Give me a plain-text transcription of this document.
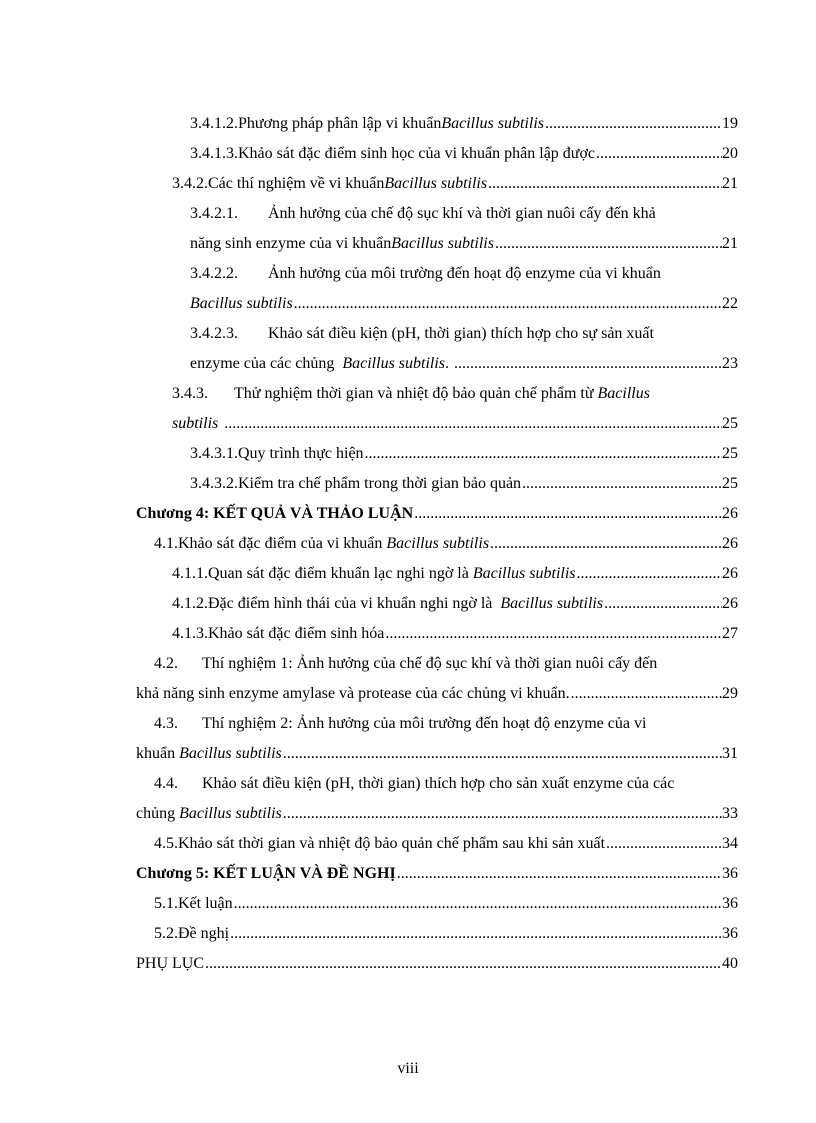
3.4.1.2. Phương pháp phân lập vi khuẩn Bacillus subtilis .....	19
3.4.1.3. Khảo sát đặc điểm sinh học của vi khuẩn phân lập được .....	20
3.4.2. Các thí nghiệm về vi khuẩn Bacillus subtilis .....	21
3.4.2.1.	Ảnh hưởng của chế độ sục khí và thời gian nuôi cấy đến khả
năng sinh enzyme của vi khuẩn Bacillus subtilis .....	21
3.4.2.2.	Ảnh hưởng của môi trường đến hoạt độ enzyme của vi khuẩn
Bacillus subtilis .....	22
3.4.2.3.	Khảo sát điều kiện (pH, thời gian) thích hợp cho sự sản xuất
enzyme của các chủng Bacillus subtilis . .....	23
3.4.3.	Thử nghiệm thời gian và nhiệt độ bảo quản chế phẩm từ Bacillus
subtilis .....	25
3.4.3.1. Quy trình thực hiện .....	25
3.4.3.2. Kiểm tra chế phẩm trong thời gian bảo quản .....	25
Chương 4 : KẾT QUẢ VÀ THẢO LUẬN .....	26
4.1. Khảo sát đặc điểm của vi khuẩn Bacillus subtilis .....	26
4.1.1. Quan sát đặc điểm khuẩn lạc nghi ngờ là Bacillus subtilis .....	26
4.1.2. Đặc điểm hình thái của vi khuẩn nghi ngờ là Bacillus subtilis .....	26
4.1.3. Khảo sát đặc điểm sinh hóa .....	27
4.2.	Thí nghiệm 1: Ảnh hưởng của chế độ sục khí và thời gian nuôi cấy đến
khả năng sinh enzyme amylase và protease của các chủng vi khuẩn. .....	29
4.3.	Thí nghiệm 2: Ảnh hưởng của môi trường đến hoạt độ enzyme của vi
khuẩn Bacillus subtilis .....	31
4.4.	Khảo sát điều kiện (pH, thời gian) thích hợp cho sản xuất enzyme của các
chủng Bacillus subtilis .....	33
4.5. Khảo sát thời gian và nhiệt độ bảo quản chế phẩm sau khi sản xuất .....	34
Chương 5 : KẾT LUẬN VÀ ĐỀ NGHỊ .....	36
5.1. Kết luận .....	36
5.2. Đề nghị .....	36
PHỤ LỤC .....	40
viii
